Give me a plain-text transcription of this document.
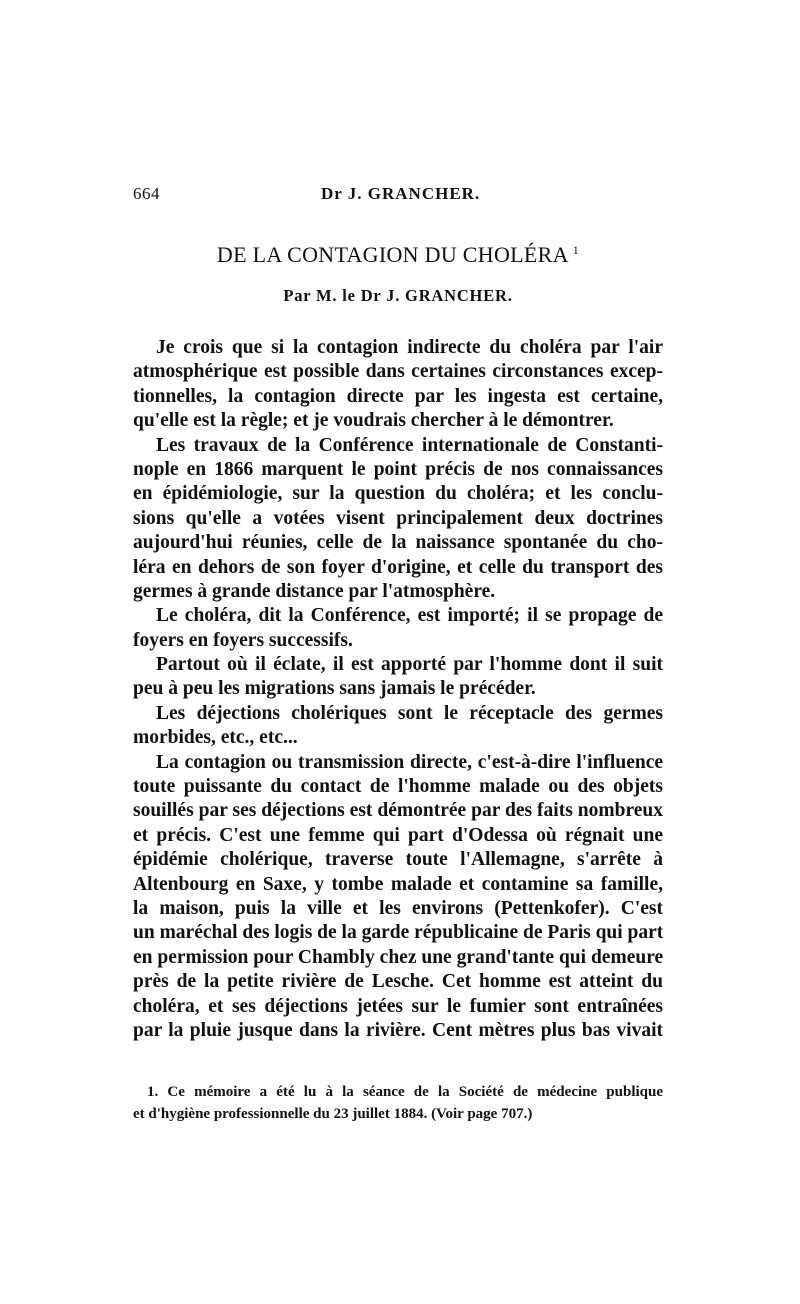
664	Dr J. GRANCHER.
DE LA CONTAGION DU CHOLÉRA $^1$
Par M. le Dr J. GRANCHER.
Je crois que si la contagion indirecte du choléra par l'air
atmosphérique est possible dans certaines circonstances excep-
tionnelles, la contagion directe par les ingesta est certaine,
qu'elle est la règle; et je voudrais chercher à le démontrer.
Les travaux de la Conférence internationale de Constanti-
nople en 1866 marquent le point précis de nos connaissances
en épidémiologie, sur la question du choléra; et les conclu-
sions qu'elle a votées visent principalement deux doctrines
aujourd'hui réunies, celle de la naissance spontanée du cho-
léra en dehors de son foyer d'origine, et celle du transport des
germes à grande distance par l'atmosphère.
Le choléra, dit la Conférence, est importé; il se propage de
foyers en foyers successifs.
Partout où il éclate, il est apporté par l'homme dont il suit
peu à peu les migrations sans jamais le précéder.
Les déjections cholériques sont le réceptacle des germes
morbides, etc., etc...
La contagion ou transmission directe, c'est-à-dire l'influence
toute puissante du contact de l'homme malade ou des objets
souillés par ses déjections est démontrée par des faits nombreux
et précis. C'est une femme qui part d'Odessa où régnait une
épidémie cholérique, traverse toute l'Allemagne, s'arrête à
Altenbourg en Saxe, y tombe malade et contamine sa famille,
la maison, puis la ville et les environs (Pettenkofer). C'est
un maréchal des logis de la garde républicaine de Paris qui part
en permission pour Chambly chez une grand'tante qui demeure
près de la petite rivière de Lesche. Cet homme est atteint du
choléra, et ses déjections jetées sur le fumier sont entraînées
par la pluie jusque dans la rivière. Cent mètres plus bas vivait
1. Ce mémoire a été lu à la séance de la Société de médecine publique
et d'hygiène professionnelle du 23 juillet 1884. (Voir page 707.)
